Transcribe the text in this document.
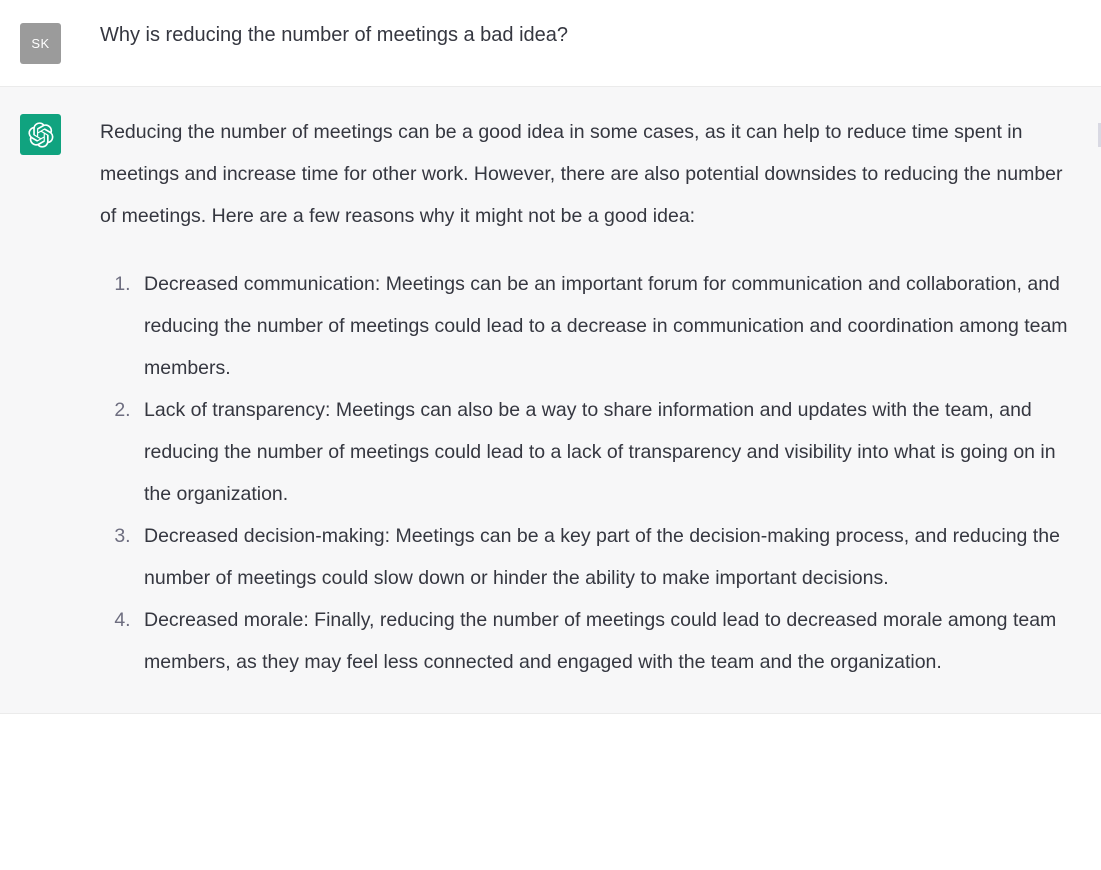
SK	Why is reducing the number of meetings a bad idea?

Reducing the number of meetings can be a good idea in some cases, as it can help to reduce time spent in meetings and increase time for other work. However, there are also potential downsides to reducing the number of meetings. Here are a few reasons why it might not be a good idea:

1. Decreased communication: Meetings can be an important forum for communication and collaboration, and reducing the number of meetings could lead to a decrease in communication and coordination among team members.
2. Lack of transparency: Meetings can also be a way to share information and updates with the team, and reducing the number of meetings could lead to a lack of transparency and visibility into what is going on in the organization.
3. Decreased decision-making: Meetings can be a key part of the decision-making process, and reducing the number of meetings could slow down or hinder the ability to make important decisions.
4. Decreased morale: Finally, reducing the number of meetings could lead to decreased morale among team members, as they may feel less connected and engaged with the team and the organization.
